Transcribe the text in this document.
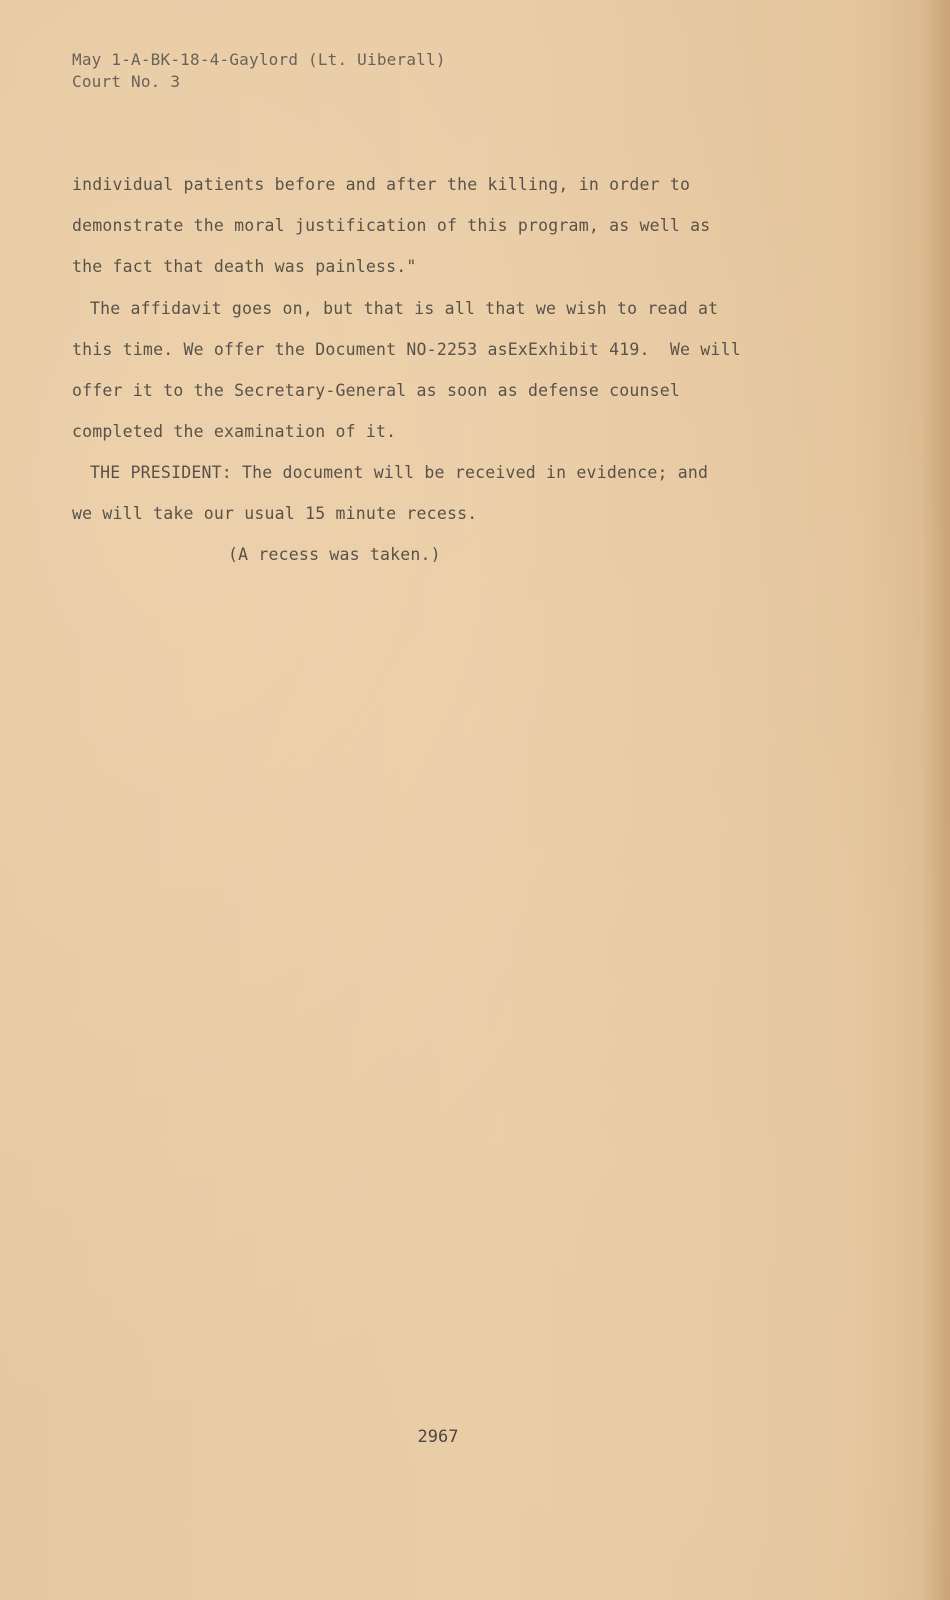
May 1-A-BK-18-4-Gaylord (Lt. Uiberall)
Court No. 3
individual patients before and after the killing, in order to
demonstrate the moral justification of this program, as well as
the fact that death was painless."
The affidavit goes on, but that is all that we wish to read at
this time. We offer the Document NO-2253 asExExhibit 419.  We will
offer it to the Secretary-General as soon as defense counsel
completed the examination of it.
THE PRESIDENT: The document will be received in evidence; and
we will take our usual 15 minute recess.
(A recess was taken.)
2967
